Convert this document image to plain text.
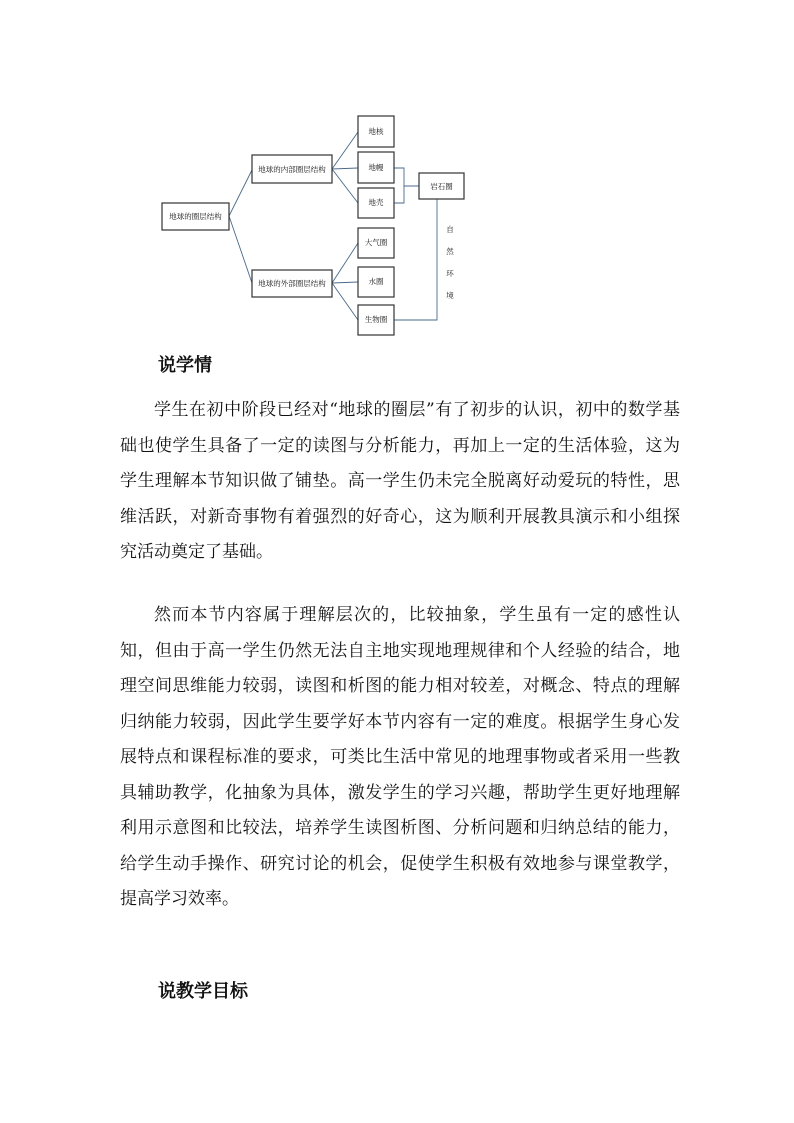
地球的圈层结构
地球的内部圈层结构
地球的外部圈层结构
地核
地幔
地壳
岩石圈
大气圈
水圈
生物圈
自
然
环
境
说学情

学生在初中阶段已经对“地球的圈层”有了初步的认识，初中的数学基础也使学生具备了一定的读图与分析能力，再加上一定的生活体验，这为学生理解本节知识做了铺垫。高一学生仍未完全脱离好动爱玩的特性，思维活跃，对新奇事物有着强烈的好奇心，这为顺利开展教具演示和小组探究活动奠定了基础。

然而本节内容属于理解层次的，比较抽象，学生虽有一定的感性认知，但由于高一学生仍然无法自主地实现地理规律和个人经验的结合，地理空间思维能力较弱，读图和析图的能力相对较差，对概念、特点的理解归纳能力较弱，因此学生要学好本节内容有一定的难度。根据学生身心发展特点和课程标准的要求，可类比生活中常见的地理事物或者采用一些教具辅助教学，化抽象为具体，激发学生的学习兴趣，帮助学生更好地理解 利用示意图和比较法，培养学生读图析图、分析问题和归纳总结的能力，给学生动手操作、研究讨论的机会，促使学生积极有效地参与课堂教学，提高学习效率。

说教学目标
